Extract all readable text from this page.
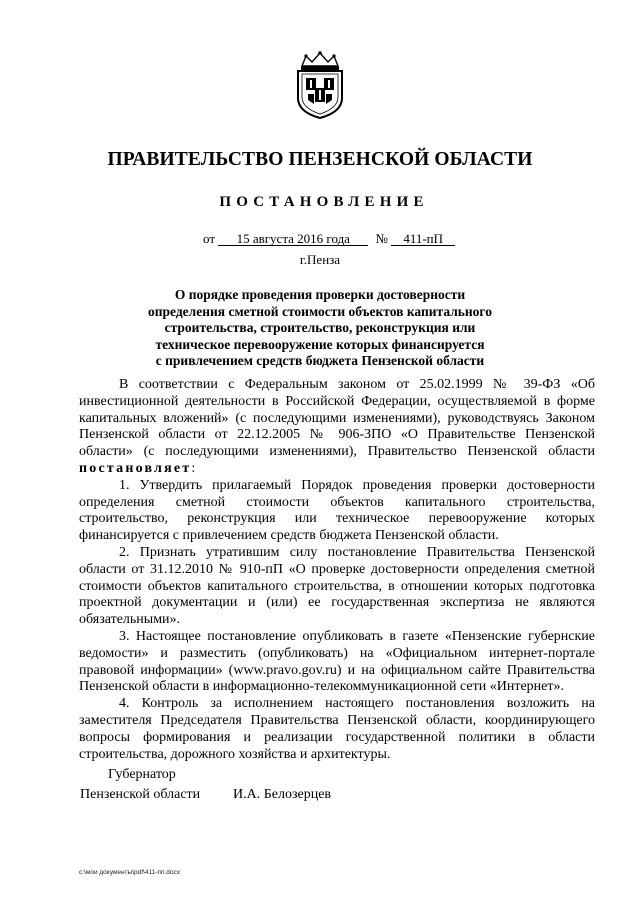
ПРАВИТЕЛЬСТВО ПЕНЗЕНСКОЙ ОБЛАСТИ
ПОСТАНОВЛЕНИЕ
от 15 августа 2016 года № 411-пП
г.Пенза
О порядке проведения проверки достоверности
определения сметной стоимости объектов капитального
строительства, строительство, реконструкция или
техническое перевооружение которых финансируется
с привлечением средств бюджета Пензенской области

В соответствии с Федеральным законом от 25.02.1999 № 39-ФЗ «Об инвестиционной деятельности в Российской Федерации, осуществляемой в форме капитальных вложений» (с последующими изменениями), руководствуясь Законом Пензенской области от 22.12.2005 № 906-ЗПО «О Правительстве Пензенской области» (с последующими изменениями), Правительство Пензенской области постановляет:

1. Утвердить прилагаемый Порядок проведения проверки достоверности определения сметной стоимости объектов капитального строительства, строительство, реконструкция или техническое перевооружение которых финансируется с привлечением средств бюджета Пензенской области.

2. Признать утратившим силу постановление Правительства Пензенской области от 31.12.2010 № 910-пП «О проверке достоверности определения сметной стоимости объектов капитального строительства, в отношении которых подготовка проектной документации и (или) ее государственная экспертиза не являются обязательными».

3. Настоящее постановление опубликовать в газете «Пензенские губернские ведомости» и разместить (опубликовать) на «Официальном интернет-портале правовой информации» (www.pravo.gov.ru) и на официальном сайте Правительства Пензенской области в информационно-телекоммуникационной сети «Интернет».

4. Контроль за исполнением настоящего постановления возложить на заместителя Председателя Правительства Пензенской области, координирующего вопросы формирования и реализации государственной политики в области строительства, дорожного хозяйства и архитектуры.

Губернатор
Пензенской области И.А. Белозерцев
c:\мои документы\pdf\411-пп.docx
